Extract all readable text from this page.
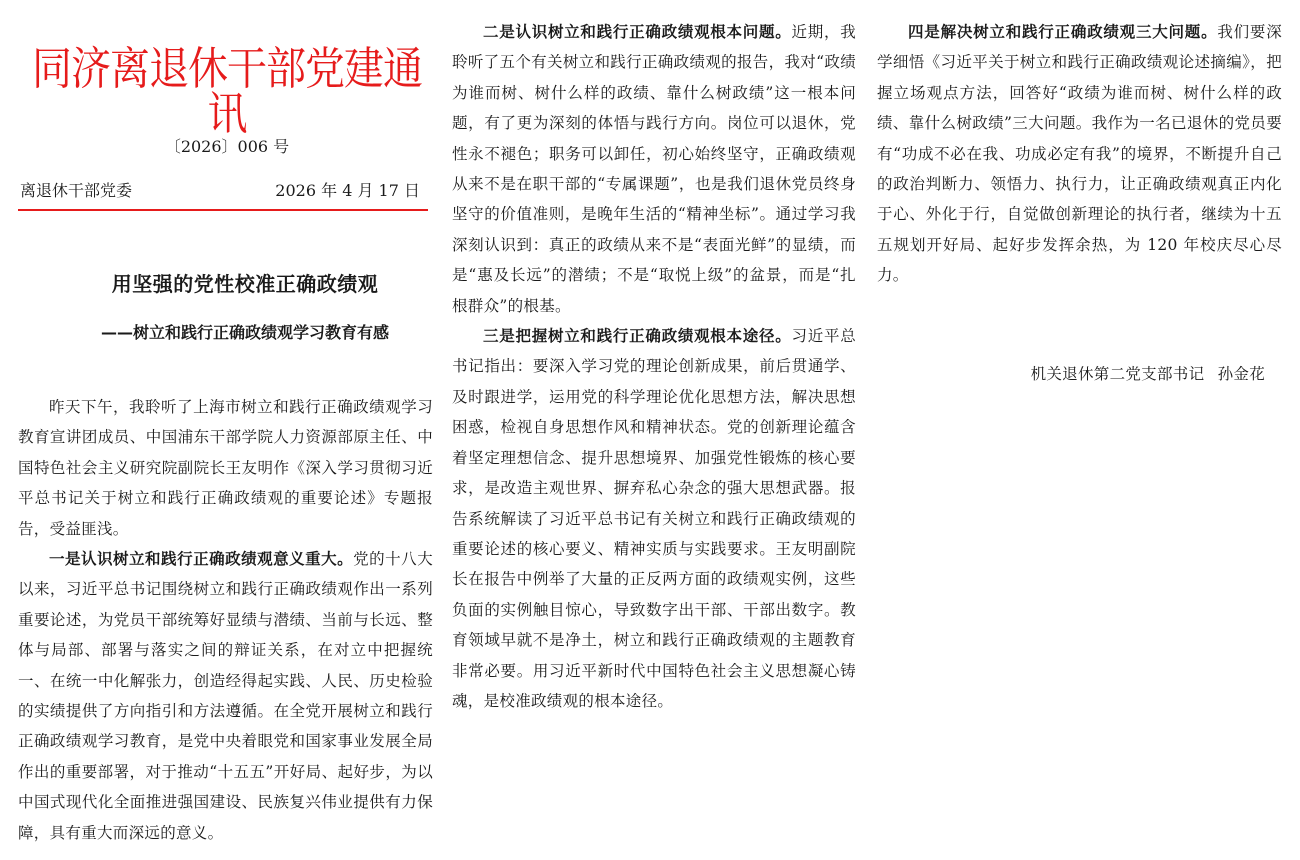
同济离退休干部党建通讯
〔2026〕006 号
离退休干部党委	2026 年 4 月 17 日
用坚强的党性校准正确政绩观
——树立和践行正确政绩观学习教育有感

昨天下午，我聆听了上海市树立和践行正确政绩观学习教育宣讲团成员、中国浦东干部学院人力资源部原主任、中国特色社会主义研究院副院长王友明作《深入学习贯彻习近平总书记关于树立和践行正确政绩观的重要论述》专题报告，受益匪浅。

一是认识树立和践行正确政绩观意义重大。党的十八大以来，习近平总书记围绕树立和践行正确政绩观作出一系列重要论述，为党员干部统筹好显绩与潜绩、当前与长远、整体与局部、部署与落实之间的辩证关系，在对立中把握统一、在统一中化解张力，创造经得起实践、人民、历史检验的实绩提供了方向指引和方法遵循。在全党开展树立和践行正确政绩观学习教育，是党中央着眼党和国家事业发展全局作出的重要部署，对于推动“十五五”开好局、起好步，为以中国式现代化全面推进强国建设、民族复兴伟业提供有力保障，具有重大而深远的意义。

二是认识树立和践行正确政绩观根本问题。近期，我聆听了五个有关树立和践行正确政绩观的报告，我对“政绩为谁而树、树什么样的政绩、靠什么树政绩”这一根本问题，有了更为深刻的体悟与践行方向。岗位可以退休，党性永不褪色；职务可以卸任，初心始终坚守，正确政绩观从来不是在职干部的“专属课题”，也是我们退休党员终身坚守的价值准则，是晚年生活的“精神坐标”。通过学习我深刻认识到：真正的政绩从来不是“表面光鲜”的显绩，而是“惠及长远”的潜绩；不是“取悦上级”的盆景，而是“扎根群众”的根基。

三是把握树立和践行正确政绩观根本途径。习近平总书记指出：要深入学习党的理论创新成果，前后贯通学、及时跟进学，运用党的科学理论优化思想方法，解决思想困惑，检视自身思想作风和精神状态。党的创新理论蕴含着坚定理想信念、提升思想境界、加强党性锻炼的核心要求，是改造主观世界、摒弃私心杂念的强大思想武器。报告系统解读了习近平总书记有关树立和践行正确政绩观的重要论述的核心要义、精神实质与实践要求。王友明副院长在报告中例举了大量的正反两方面的政绩观实例，这些负面的实例触目惊心，导致数字出干部、干部出数字。教育领域早就不是净土，树立和践行正确政绩观的主题教育非常必要。用习近平新时代中国特色社会主义思想凝心铸魂，是校准政绩观的根本途径。

四是解决树立和践行正确政绩观三大问题。我们要深学细悟《习近平关于树立和践行正确政绩观论述摘编》，把握立场观点方法，回答好“政绩为谁而树、树什么样的政绩、靠什么树政绩”三大问题。我作为一名已退休的党员要有“功成不必在我、功成必定有我”的境界，不断提升自己的政治判断力、领悟力、执行力，让正确政绩观真正内化于心、外化于行，自觉做创新理论的执行者，继续为十五五规划开好局、起好步发挥余热，为 120 年校庆尽心尽力。

机关退休第二党支部书记 孙金花
